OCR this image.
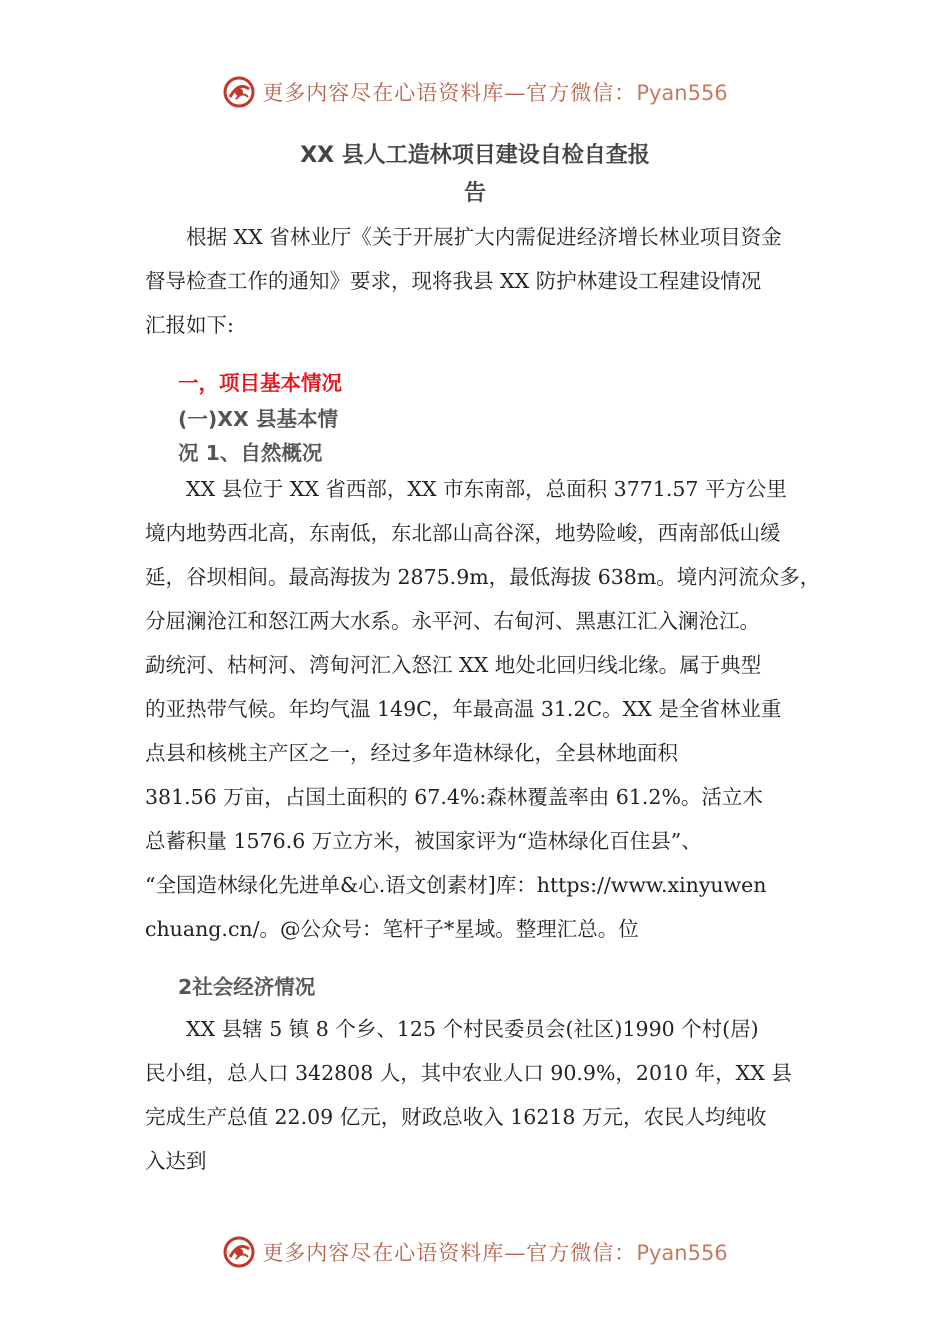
更多内容尽在心语资料库—官方微信：Pyan556
XX 县人工造林项目建设自检自查报
告
　　根据 XX 省林业厅《关于开展扩大内需促进经济增长林业项目资金
督导检查工作的通知》要求，现将我县 XX 防护林建设工程建设情况
汇报如下:
一，项目基本情况
(一)XX 县基本情
况 1、自然概况
　　XX 县位于 XX 省西部，XX 市东南部，总面积 3771.57 平方公里
境内地势西北高，东南低，东北部山高谷深，地势险峻，西南部低山缓
延，谷坝相间。最高海拔为 2875.9m，最低海拔 638m。境内河流众多，
分屈澜沧江和怒江两大水系。永平河、右甸河、黑惠江汇入澜沧江。
勐统河、枯柯河、湾甸河汇入怒江 XX 地处北回归线北缘。属于典型
的亚热带气候。年均气温 149C，年最高温 31.2C。XX 是全省林业重
点县和核桃主产区之一，经过多年造林绿化，全县林地面积
381.56 万亩，占国土面积的 67.4%:森林覆盖率由 61.2%。活立木
总蓄积量 1576.6 万立方米，被国家评为“造林绿化百住县”、
“全国造林绿化先进单&心.语文创素材]库：https://www.xinyuwen
chuang.cn/。@公众号：笔杆子*星域。整理汇总。位
2社会经济情况
　　XX 县辖 5 镇 8 个乡、125 个村民委员会(社区)1990 个村(居)
民小组，总人口 342808 人，其中农业人口 90.9%，2010 年，XX 县
完成生产总值 22.09 亿元，财政总收入 16218 万元，农民人均纯收
入达到
更多内容尽在心语资料库—官方微信：Pyan556
